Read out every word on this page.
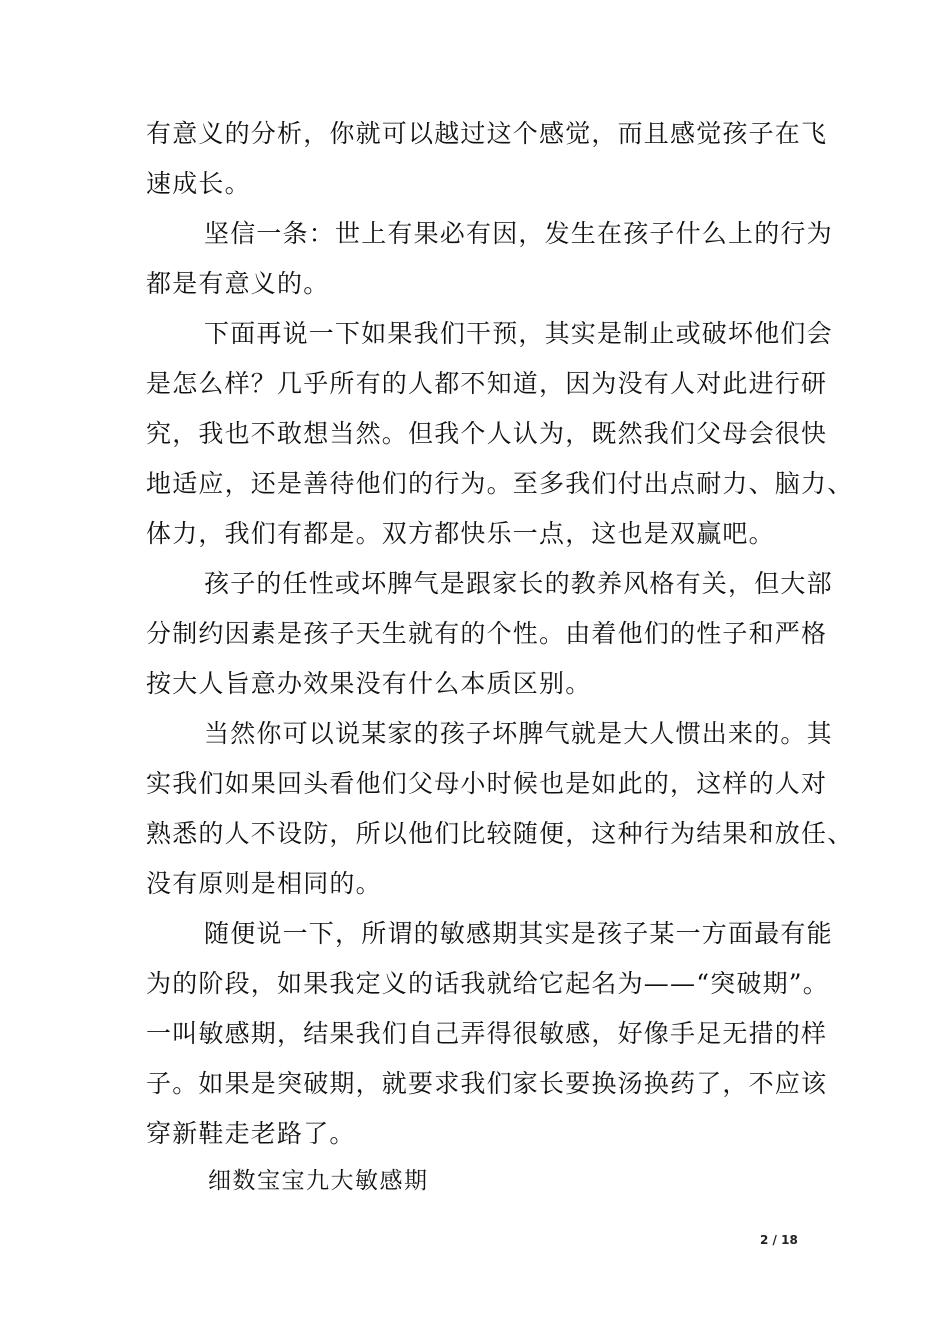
有意义的分析，你就可以越过这个感觉，而且感觉孩子在飞
速成长。
坚信一条：世上有果必有因，发生在孩子什么上的行为
都是有意义的。
下面再说一下如果我们干预，其实是制止或破坏他们会
是怎么样？几乎所有的人都不知道，因为没有人对此进行研
究，我也不敢想当然。但我个人认为，既然我们父母会很快
地适应，还是善待他们的行为。至多我们付出点耐力、脑力、
体力，我们有都是。双方都快乐一点，这也是双赢吧。
孩子的任性或坏脾气是跟家长的教养风格有关，但大部
分制约因素是孩子天生就有的个性。由着他们的性子和严格
按大人旨意办效果没有什么本质区别。
当然你可以说某家的孩子坏脾气就是大人惯出来的。其
实我们如果回头看他们父母小时候也是如此的，这样的人对
熟悉的人不设防，所以他们比较随便，这种行为结果和放任、
没有原则是相同的。
随便说一下，所谓的敏感期其实是孩子某一方面最有能
为的阶段，如果我定义的话我就给它起名为——“突破期”。
一叫敏感期，结果我们自己弄得很敏感，好像手足无措的样
子。如果是突破期，就要求我们家长要换汤换药了，不应该
穿新鞋走老路了。
细数宝宝九大敏感期
2 / 18
